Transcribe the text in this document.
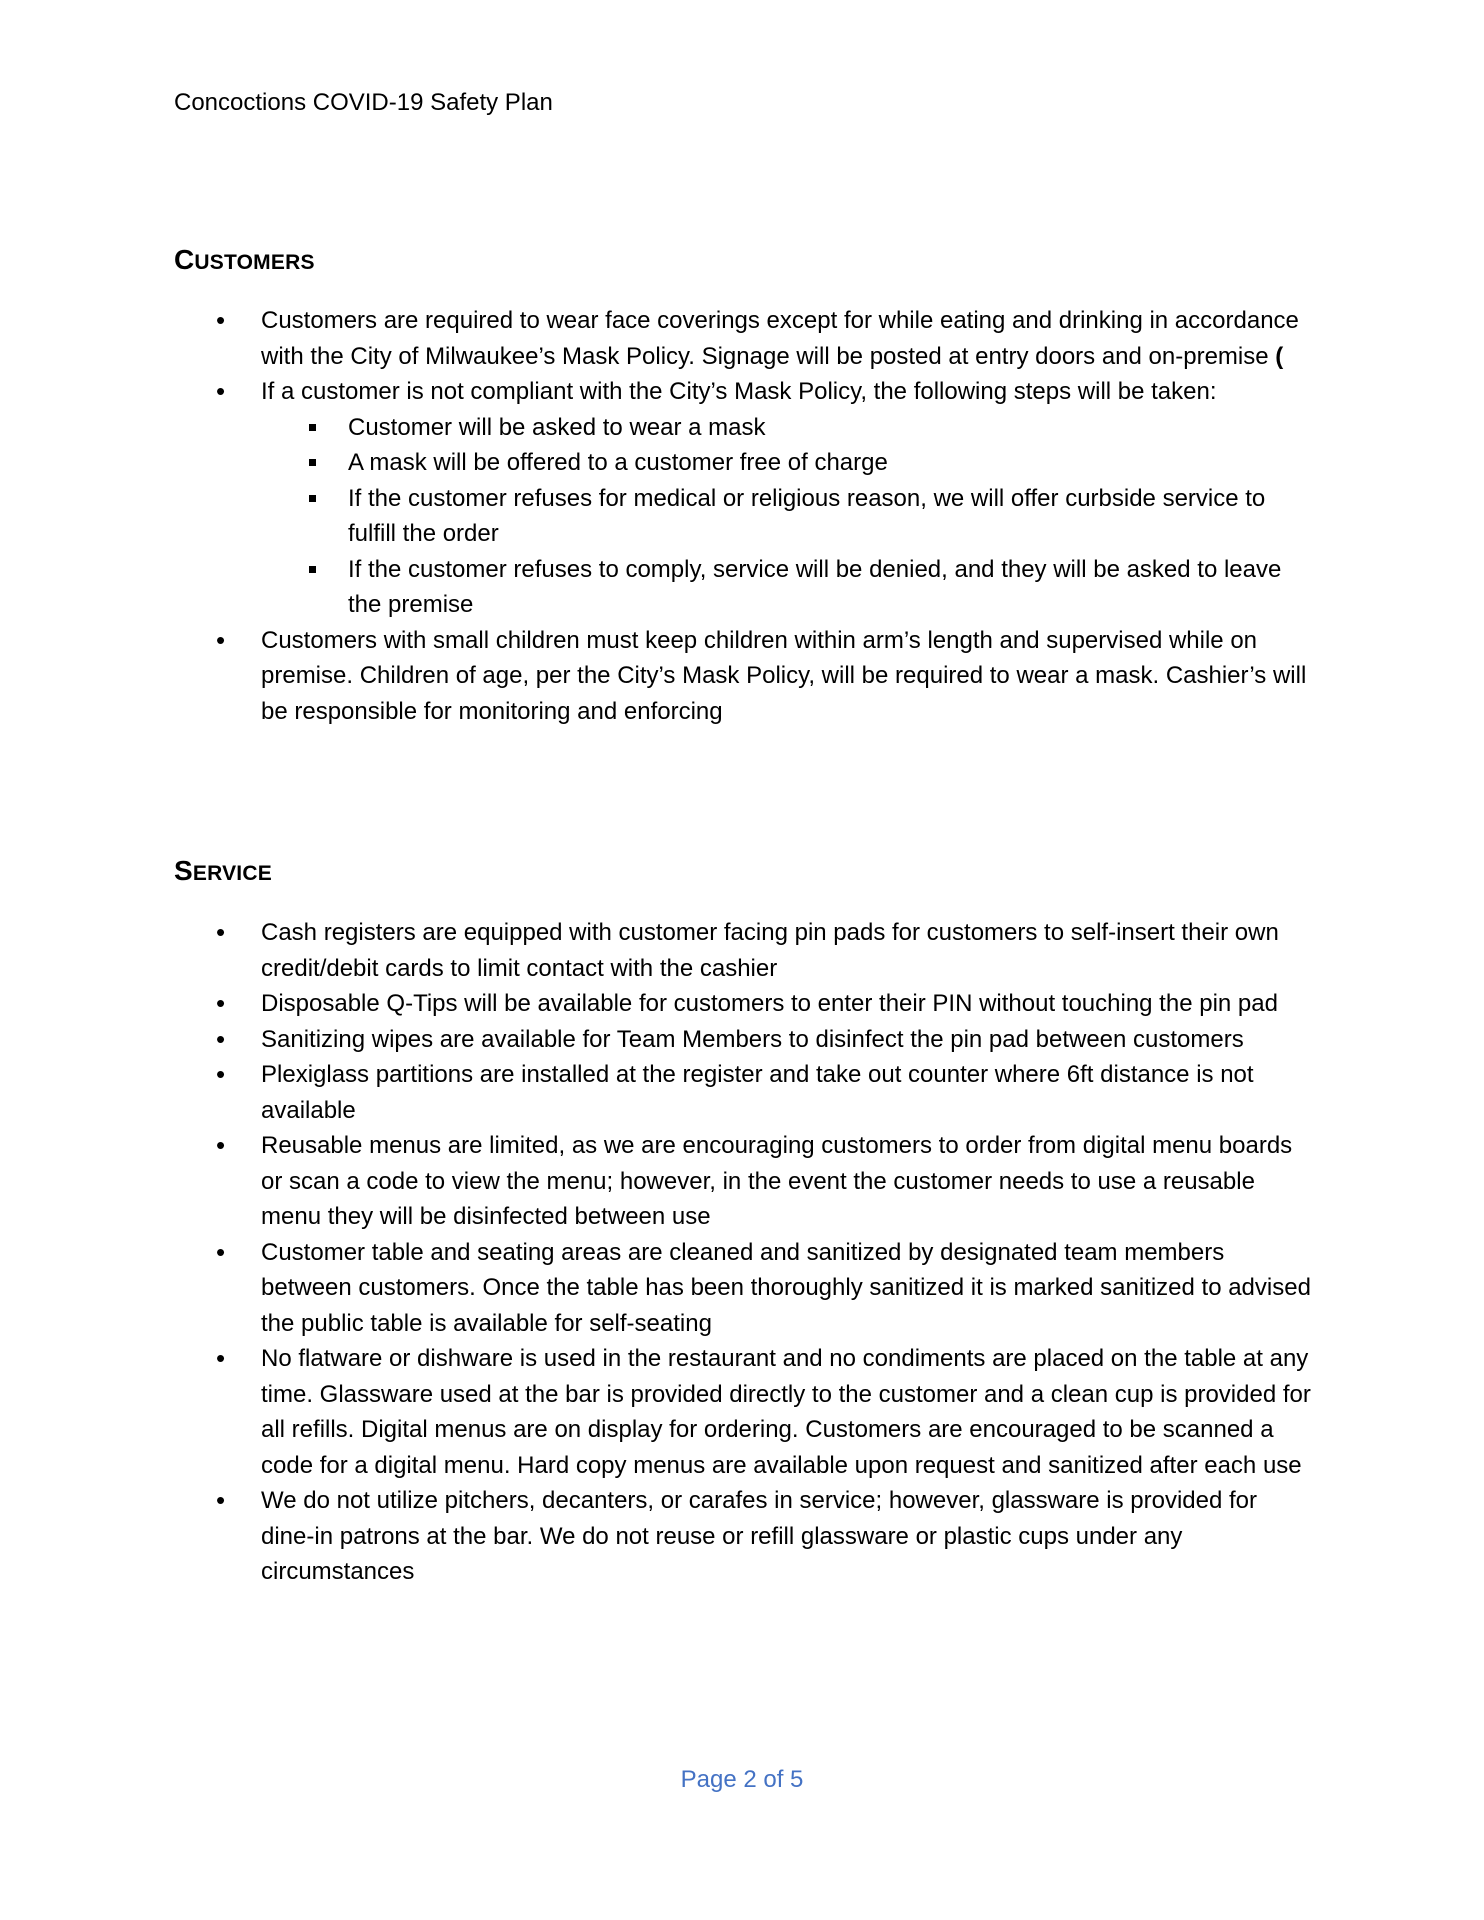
Concoctions COVID-19 Safety Plan
CUSTOMERS
• Customers are required to wear face coverings except for while eating and drinking in accordance with the City of Milwaukee’s Mask Policy. Signage will be posted at entry doors and on-premise (
• If a customer is not compliant with the City’s Mask Policy, the following steps will be taken:
Customer will be asked to wear a mask
A mask will be offered to a customer free of charge
If the customer refuses for medical or religious reason, we will offer curbside service to fulfill the order
If the customer refuses to comply, service will be denied, and they will be asked to leave the premise
• Customers with small children must keep children within arm’s length and supervised while on premise. Children of age, per the City’s Mask Policy, will be required to wear a mask. Cashier’s will be responsible for monitoring and enforcing
SERVICE
• Cash registers are equipped with customer facing pin pads for customers to self-insert their own credit/debit cards to limit contact with the cashier
• Disposable Q-Tips will be available for customers to enter their PIN without touching the pin pad
• Sanitizing wipes are available for Team Members to disinfect the pin pad between customers
• Plexiglass partitions are installed at the register and take out counter where 6ft distance is not available
• Reusable menus are limited, as we are encouraging customers to order from digital menu boards or scan a code to view the menu; however, in the event the customer needs to use a reusable menu they will be disinfected between use
• Customer table and seating areas are cleaned and sanitized by designated team members between customers. Once the table has been thoroughly sanitized it is marked sanitized to advised the public table is available for self-seating
• No flatware or dishware is used in the restaurant and no condiments are placed on the table at any time. Glassware used at the bar is provided directly to the customer and a clean cup is provided for all refills. Digital menus are on display for ordering. Customers are encouraged to be scanned a code for a digital menu. Hard copy menus are available upon request and sanitized after each use
• We do not utilize pitchers, decanters, or carafes in service; however, glassware is provided for dine-in patrons at the bar. We do not reuse or refill glassware or plastic cups under any circumstances
Page 2 of 5
